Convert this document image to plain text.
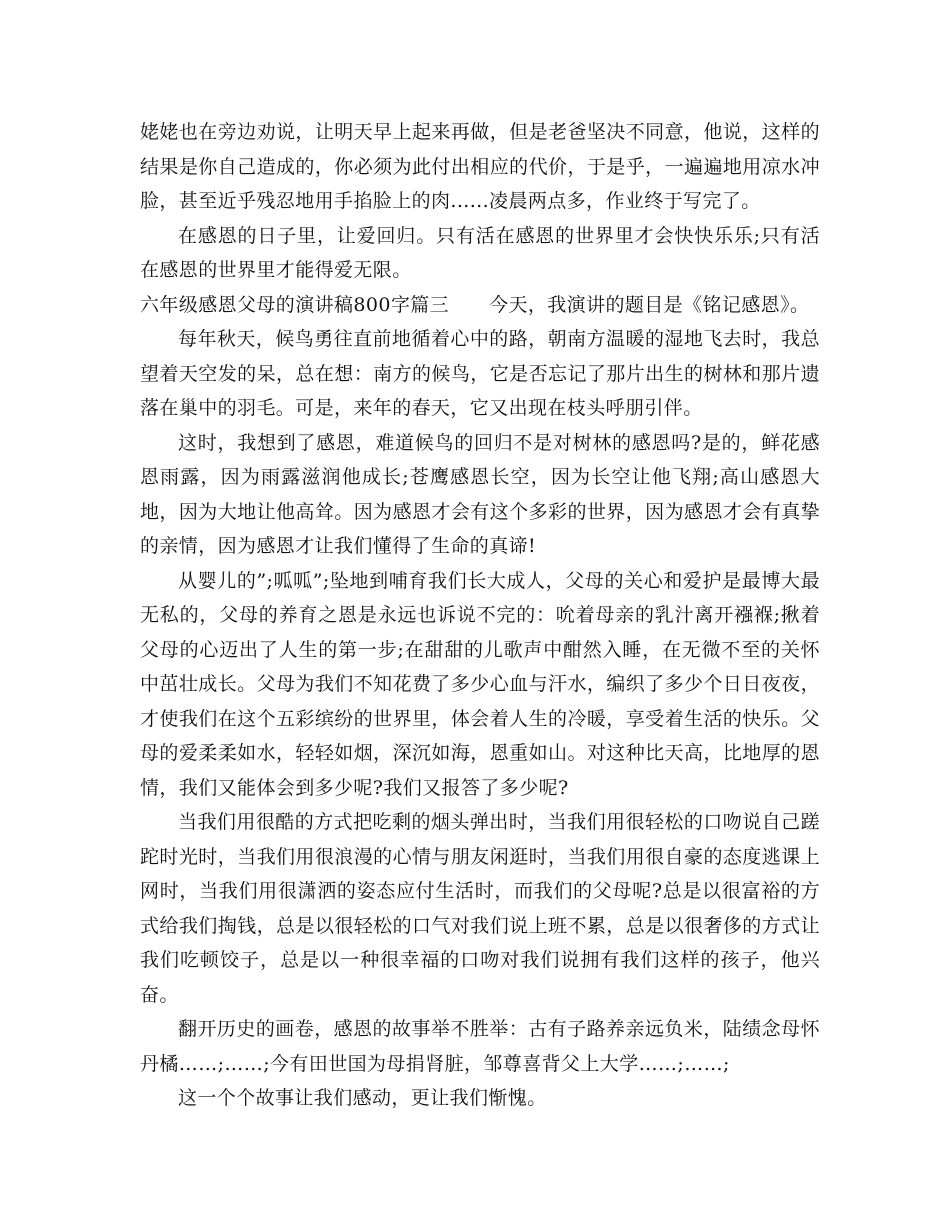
姥姥也在旁边劝说，让明天早上起来再做，但是老爸坚决不同意，他说，这样的结果是你自己造成的，你必须为此付出相应的代价，于是乎，一遍遍地用凉水冲脸，甚至近乎残忍地用手掐脸上的肉......凌晨两点多，作业终于写完了。

在感恩的日子里，让爱回归。只有活在感恩的世界里才会快快乐乐;只有活在感恩的世界里才能得爱无限。

六年级感恩父母的演讲稿800字篇三 今天，我演讲的题目是《铭记感恩》。

每年秋天，候鸟勇往直前地循着心中的路，朝南方温暖的湿地飞去时，我总望着天空发的呆，总在想：南方的候鸟，它是否忘记了那片出生的树林和那片遗落在巢中的羽毛。可是，来年的春天，它又出现在枝头呼朋引伴。

这时，我想到了感恩，难道候鸟的回归不是对树林的感恩吗?是的，鲜花感恩雨露，因为雨露滋润他成长;苍鹰感恩长空，因为长空让他飞翔;高山感恩大地，因为大地让他高耸。因为感恩才会有这个多彩的世界，因为感恩才会有真挚的亲情，因为感恩才让我们懂得了生命的真谛!

从婴儿的”;呱呱”;坠地到哺育我们长大成人，父母的关心和爱护是最博大最无私的，父母的养育之恩是永远也诉说不完的：吮着母亲的乳汁离开襁褓;揪着父母的心迈出了人生的第一步;在甜甜的儿歌声中酣然入睡，在无微不至的关怀中茁壮成长。父母为我们不知花费了多少心血与汗水，编织了多少个日日夜夜，才使我们在这个五彩缤纷的世界里，体会着人生的冷暖，享受着生活的快乐。父母的爱柔柔如水，轻轻如烟，深沉如海，恩重如山。对这种比天高，比地厚的恩情，我们又能体会到多少呢?我们又报答了多少呢?

当我们用很酷的方式把吃剩的烟头弹出时，当我们用很轻松的口吻说自己蹉跎时光时，当我们用很浪漫的心情与朋友闲逛时，当我们用很自豪的态度逃课上网时，当我们用很潇洒的姿态应付生活时，而我们的父母呢?总是以很富裕的方式给我们掏钱，总是以很轻松的口气对我们说上班不累，总是以很奢侈的方式让我们吃顿饺子，总是以一种很幸福的口吻对我们说拥有我们这样的孩子，他兴奋。

翻开历史的画卷，感恩的故事举不胜举：古有子路养亲远负米，陆绩念母怀丹橘……;……;今有田世国为母捐肾脏，邹尊喜背父上大学……;……;

这一个个故事让我们感动，更让我们惭愧。
